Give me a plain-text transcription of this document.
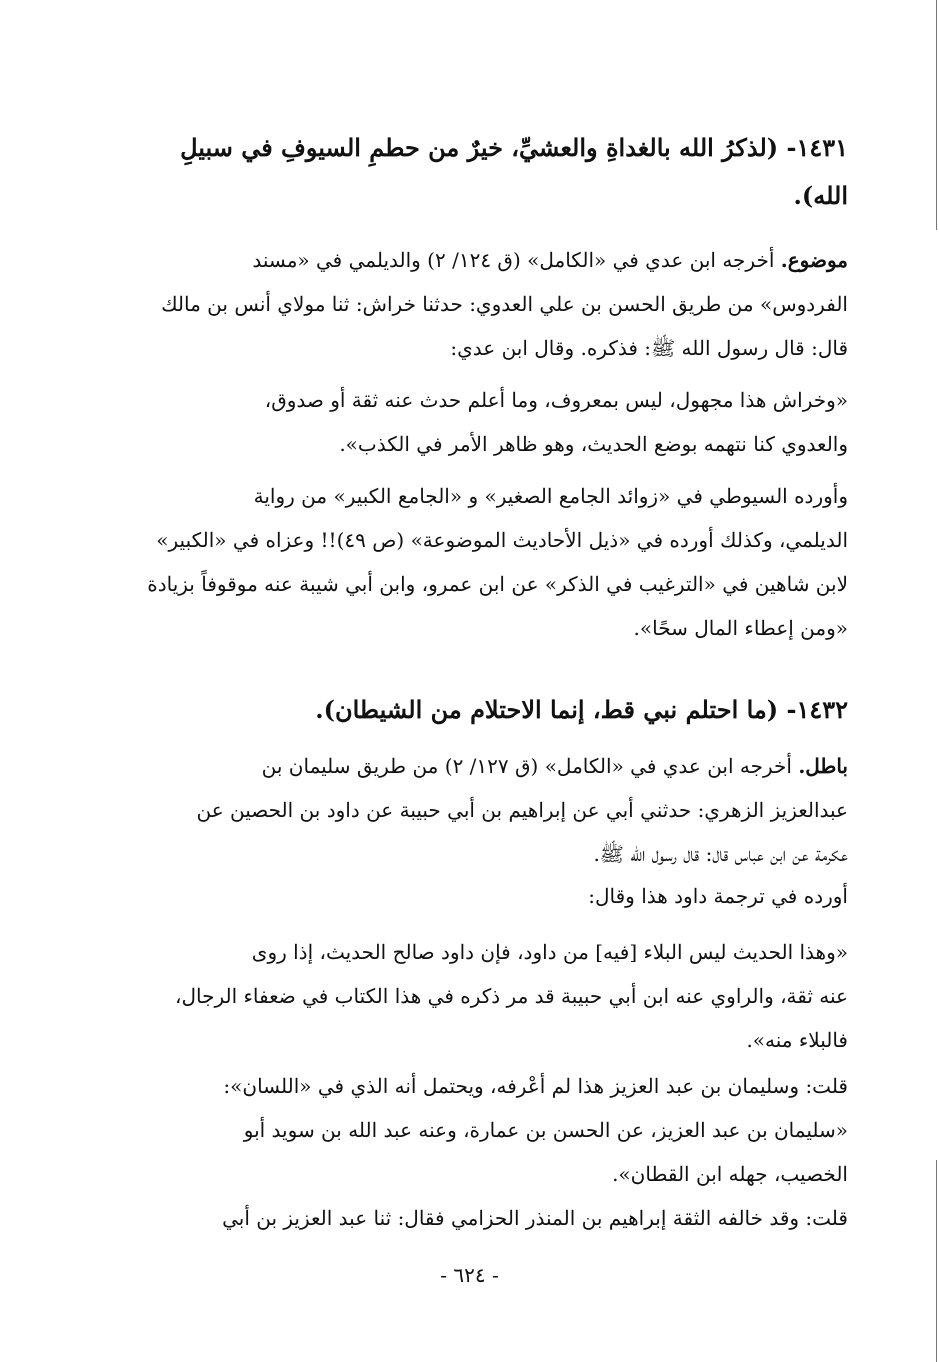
١٤٣١- (لذكرُ الله بالغداةِ والعشيِّ، خيرٌ من حطمِ السيوفِ في سبيلِ
الله).
موضوع. أخرجه ابن عدي في «الكامل» (ق ١٢٤/ ٢) والديلمي في «مسند
الفردوس» من طريق الحسن بن علي العدوي: حدثنا خراش: ثنا مولاي أنس بن مالك
قال: قال رسول الله ﷺ: فذكره. وقال ابن عدي:
«وخراش هذا مجهول، ليس بمعروف، وما أعلم حدث عنه ثقة أو صدوق،
والعدوي كنا نتهمه بوضع الحديث، وهو ظاهر الأمر في الكذب».
وأورده السيوطي في «زوائد الجامع الصغير» و «الجامع الكبير» من رواية
الديلمي، وكذلك أورده في «ذيل الأحاديث الموضوعة» (ص ٤٩)!! وعزاه في «الكبير»
لابن شاهين في «الترغيب في الذكر» عن ابن عمرو، وابن أبي شيبة عنه موقوفاً بزيادة
«ومن إعطاء المال سحًا».
١٤٣٢- (ما احتلم نبي قط، إنما الاحتلام من الشيطان).
باطل. أخرجه ابن عدي في «الكامل» (ق ١٢٧/ ٢) من طريق سليمان بن
عبدالعزيز الزهري: حدثني أبي عن إبراهيم بن أبي حبيبة عن داود بن الحصين عن
عكرمة عن ابن عباس قال: قال رسول الله ﷺ.
أورده في ترجمة داود هذا وقال:
«وهذا الحديث ليس البلاء [فيه] من داود، فإن داود صالح الحديث، إذا روى
عنه ثقة، والراوي عنه ابن أبي حبيبة قد مر ذكره في هذا الكتاب في ضعفاء الرجال،
فالبلاء منه».
قلت: وسليمان بن عبد العزيز هذا لم أعْرفه، ويحتمل أنه الذي في «اللسان»:
«سليمان بن عبد العزيز، عن الحسن بن عمارة، وعنه عبد الله بن سويد أبو
الخصيب، جهله ابن القطان».
قلت: وقد خالفه الثقة إبراهيم بن المنذر الحزامي فقال: ثنا عبد العزيز بن أبي
- ٦٢٤ -
